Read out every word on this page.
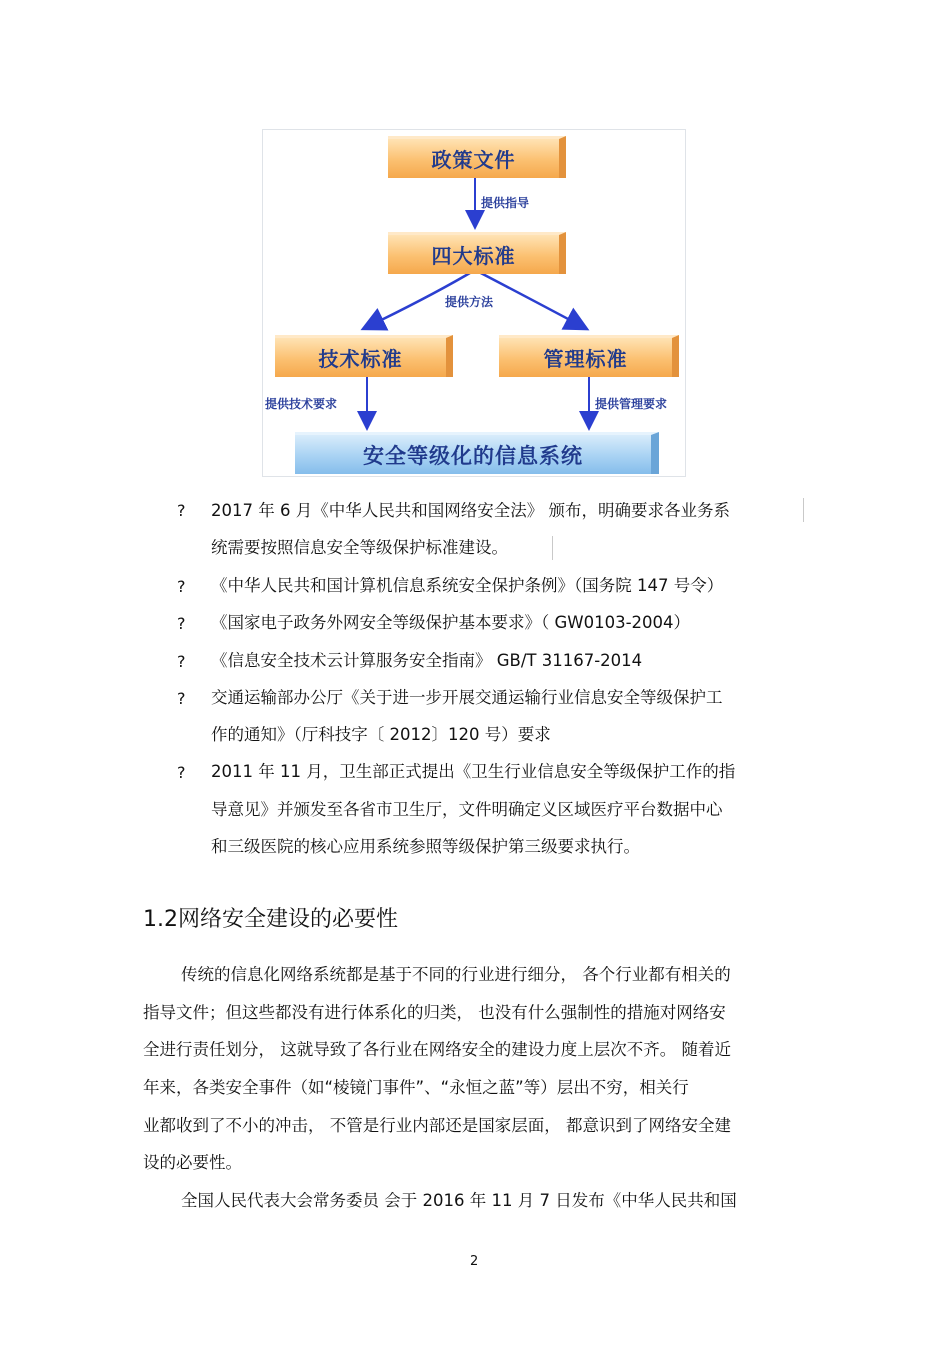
政策文件
提供指导
四大标准
提供方法
技术标准	管理标准
提供技术要求	提供管理要求
安全等级化的信息系统
? 2017 年 6 月《中华人民共和国网络安全法》 颁布，明确要求各业务系
统需要按照信息安全等级保护标准建设。
? 《中华人民共和国计算机信息系统安全保护条例》（国务院 147 号令）
? 《国家电子政务外网安全等级保护基本要求》（ GW0103-2004）
? 《信息安全技术云计算服务安全指南》 GB/T 31167-2014
? 交通运输部办公厅《关于进一步开展交通运输行业信息安全等级保护工
作的通知》（厅科技字〔 2012〕120 号）要求
? 2011 年 11 月，卫生部正式提出《卫生行业信息安全等级保护工作的指
导意见》并颁发至各省市卫生厅，文件明确定义区域医疗平台数据中心
和三级医院的核心应用系统参照等级保护第三级要求执行。
1.2网络安全建设的必要性
传统的信息化网络系统都是基于不同的行业进行细分， 各个行业都有相关的
指导文件；但这些都没有进行体系化的归类， 也没有什么强制性的措施对网络安
全进行责任划分， 这就导致了各行业在网络安全的建设力度上层次不齐。 随着近
年来，各类安全事件（如“棱镜门事件”、“永恒之蓝”等）层出不穷，相关行
业都收到了不小的冲击， 不管是行业内部还是国家层面， 都意识到了网络安全建
设的必要性。
全国人民代表大会常务委员 会于 2016 年 11 月 7 日发布《中华人民共和国
2
